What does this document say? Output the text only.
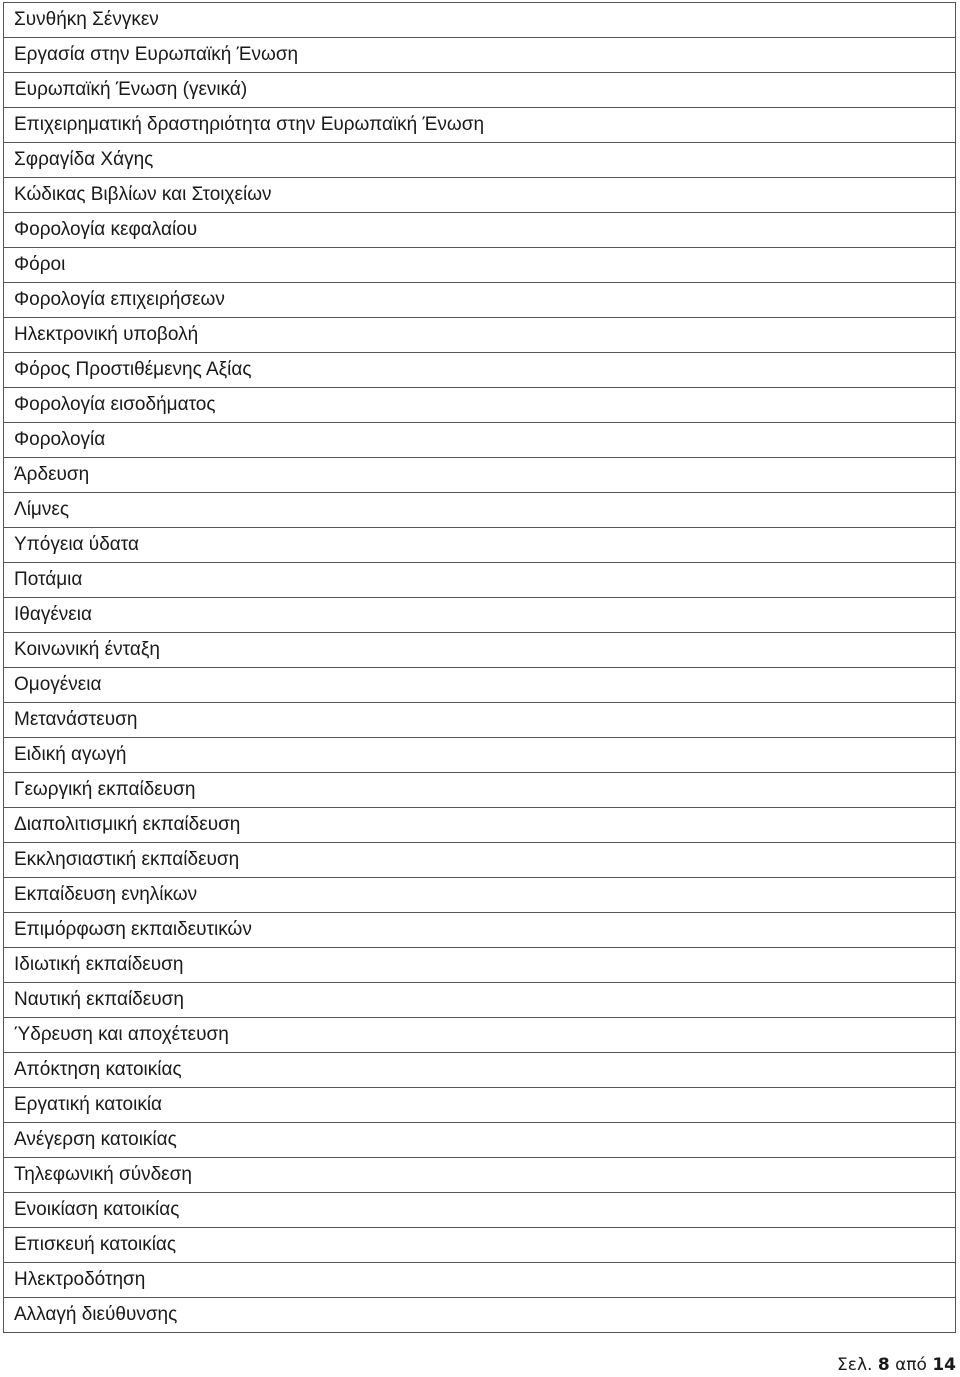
Συνθήκη Σένγκεν
Εργασία στην Ευρωπαϊκή Ένωση
Ευρωπαϊκή Ένωση (γενικά)
Επιχειρηματική δραστηριότητα στην Ευρωπαϊκή Ένωση
Σφραγίδα Χάγης
Κώδικας Βιβλίων και Στοιχείων
Φορολογία κεφαλαίου
Φόροι
Φορολογία επιχειρήσεων
Ηλεκτρονική υποβολή
Φόρος Προστιθέμενης Αξίας
Φορολογία εισοδήματος
Φορολογία
Άρδευση
Λίμνες
Υπόγεια ύδατα
Ποτάμια
Ιθαγένεια
Κοινωνική ένταξη
Ομογένεια
Μετανάστευση
Ειδική αγωγή
Γεωργική εκπαίδευση
Διαπολιτισμική εκπαίδευση
Εκκλησιαστική εκπαίδευση
Εκπαίδευση ενηλίκων
Επιμόρφωση εκπαιδευτικών
Ιδιωτική εκπαίδευση
Ναυτική εκπαίδευση
Ύδρευση και αποχέτευση
Απόκτηση κατοικίας
Εργατική κατοικία
Ανέγερση κατοικίας
Τηλεφωνική σύνδεση
Ενοικίαση κατοικίας
Επισκευή κατοικίας
Ηλεκτροδότηση
Αλλαγή διεύθυνσης
Σελ. 8 από 14
